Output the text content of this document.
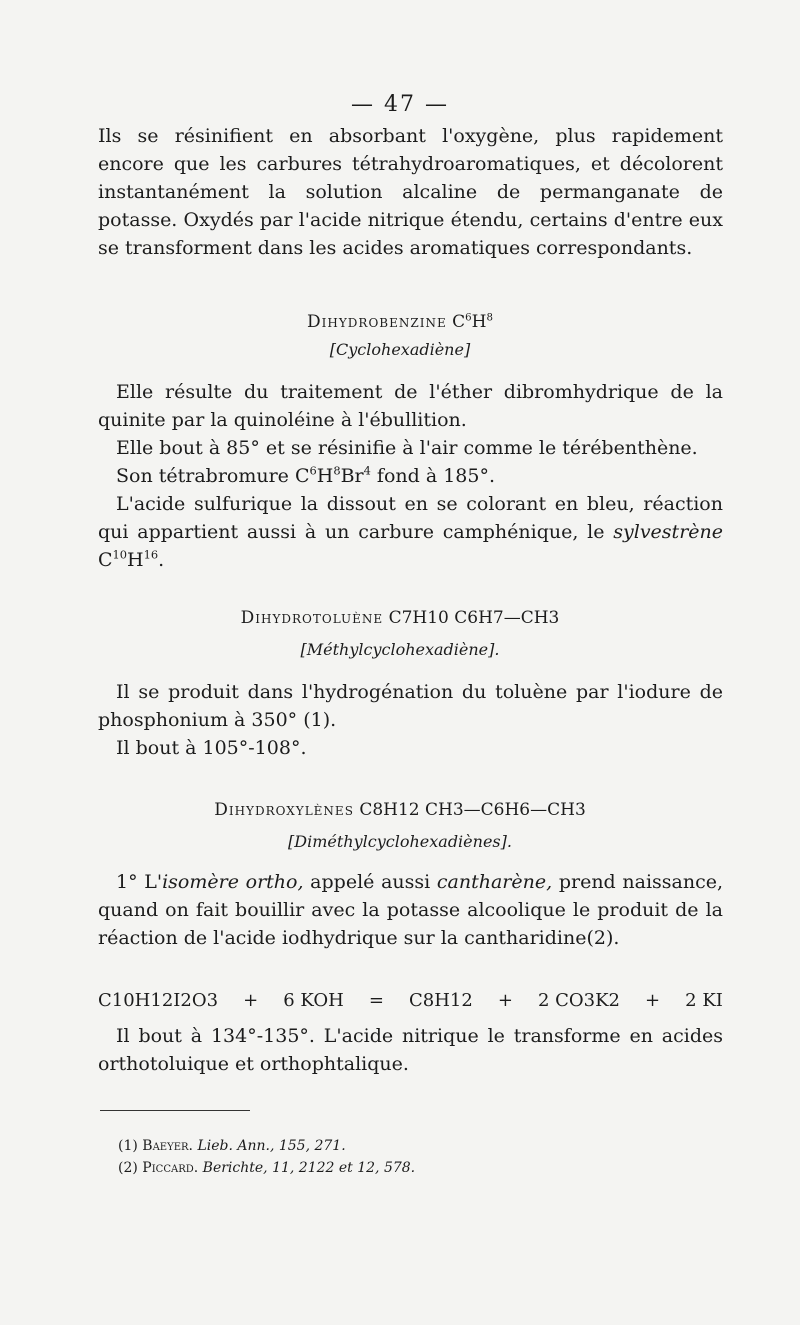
— 47 —
Ils se résinifient en absorbant l'oxygène, plus rapidement encore que les carbures tétrahydroaromatiques, et décolorent instantanément la solution alcaline de permanganate de potasse. Oxydés par l'acide nitrique étendu, certains d'entre eux se transforment dans les acides aromatiques correspondants.
Dihydrobenzine $C^6H^8$
[Cyclohexadiène]
Elle résulte du traitement de l'éther dibromhydrique de la quinite par la quinoléine à l'ébullition.
Elle bout à 85° et se résinifie à l'air comme le térébenthène.
Son tétrabromure $C^6H^8Br^4$ fond à 185°.
L'acide sulfurique la dissout en se colorant en bleu, réaction qui appartient aussi à un carbure camphénique, le sylvestrène $C^{10}H^{16}$.
Dihydrotoluène C7H10 C6H7—CH3
[Méthylcyclohexadiène].
Il se produit dans l'hydrogénation du toluène par l'iodure de phosphonium à 350° (1).
Il bout à 105°-108°.
Dihydroxylènes C8H12 CH3—C6H6—CH3
[Diméthylcyclohexadiènes].
1° L'isomère ortho, appelé aussi cantharène, prend naissance, quand on fait bouillir avec la potasse alcoolique le produit de la réaction de l'acide iodhydrique sur la cantharidine(2).
C10H12I2O3 + 6 KOH = C8H12 + 2 CO3K2 + 2 KI
Il bout à 134°-135°. L'acide nitrique le transforme en acides orthotoluique et orthophtalique.
(1) Baeyer. Lieb. Ann., 155, 271.
(2) Piccard. Berichte, 11, 2122 et 12, 578.
